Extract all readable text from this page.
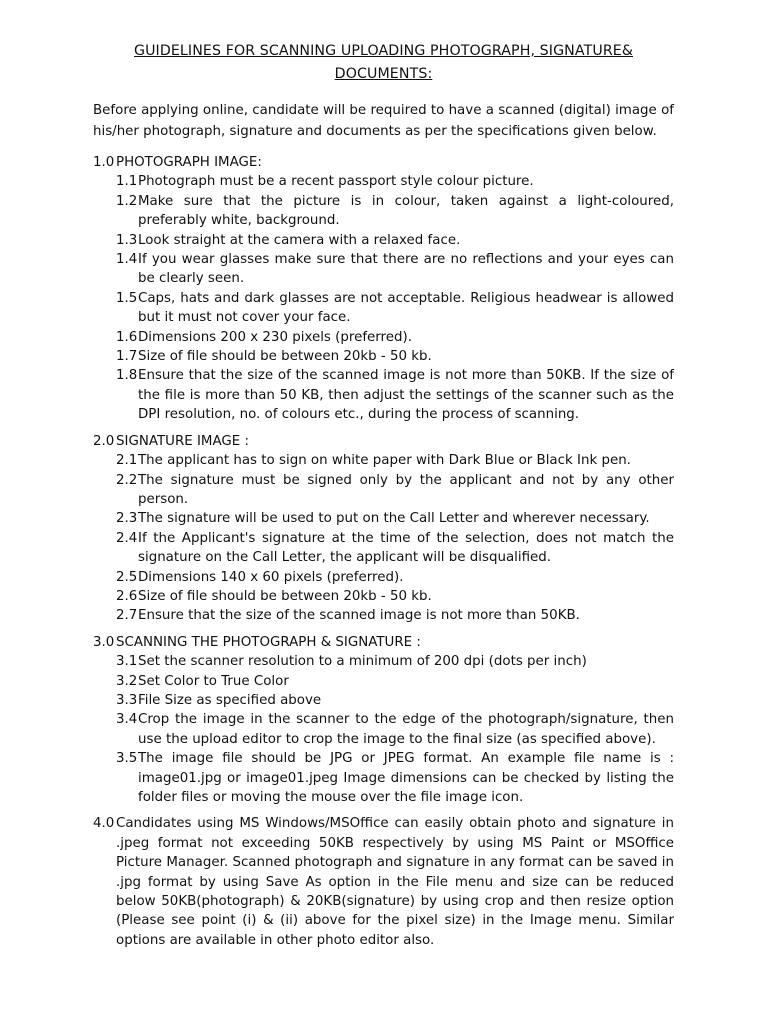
GUIDELINES FOR SCANNING UPLOADING PHOTOGRAPH, SIGNATURE&
DOCUMENTS:

Before applying online, candidate will be required to have a scanned (digital) image of his/her photograph, signature and documents as per the specifications given below.

1.0 PHOTOGRAPH IMAGE:
1.1 Photograph must be a recent passport style colour picture.
1.2 Make sure that the picture is in colour, taken against a light-coloured, preferably white, background.
1.3 Look straight at the camera with a relaxed face.
1.4 If you wear glasses make sure that there are no reflections and your eyes can be clearly seen.
1.5 Caps, hats and dark glasses are not acceptable. Religious headwear is allowed but it must not cover your face.
1.6 Dimensions 200 x 230 pixels (preferred).
1.7 Size of file should be between 20kb - 50 kb.
1.8 Ensure that the size of the scanned image is not more than 50KB. If the size of the file is more than 50 KB, then adjust the settings of the scanner such as the DPI resolution, no. of colours etc., during the process of scanning.
2.0 SIGNATURE IMAGE :
2.1 The applicant has to sign on white paper with Dark Blue or Black Ink pen.
2.2 The signature must be signed only by the applicant and not by any other person.
2.3 The signature will be used to put on the Call Letter and wherever necessary.
2.4 If the Applicant's signature at the time of the selection, does not match the signature on the Call Letter, the applicant will be disqualified.
2.5 Dimensions 140 x 60 pixels (preferred).
2.6 Size of file should be between 20kb - 50 kb.
2.7 Ensure that the size of the scanned image is not more than 50KB.
3.0 SCANNING THE PHOTOGRAPH & SIGNATURE :
3.1 Set the scanner resolution to a minimum of 200 dpi (dots per inch)
3.2 Set Color to True Color
3.3 File Size as specified above
3.4 Crop the image in the scanner to the edge of the photograph/signature, then use the upload editor to crop the image to the final size (as specified above).
3.5 The image file should be JPG or JPEG format. An example file name is : image01.jpg or image01.jpeg Image dimensions can be checked by listing the folder files or moving the mouse over the file image icon.
4.0 Candidates using MS Windows/MSOffice can easily obtain photo and signature in .jpeg format not exceeding 50KB respectively by using MS Paint or MSOffice Picture Manager. Scanned photograph and signature in any format can be saved in .jpg format by using Save As option in the File menu and size can be reduced below 50KB(photograph) & 20KB(signature) by using crop and then resize option (Please see point (i) & (ii) above for the pixel size) in the Image menu. Similar options are available in other photo editor also.
